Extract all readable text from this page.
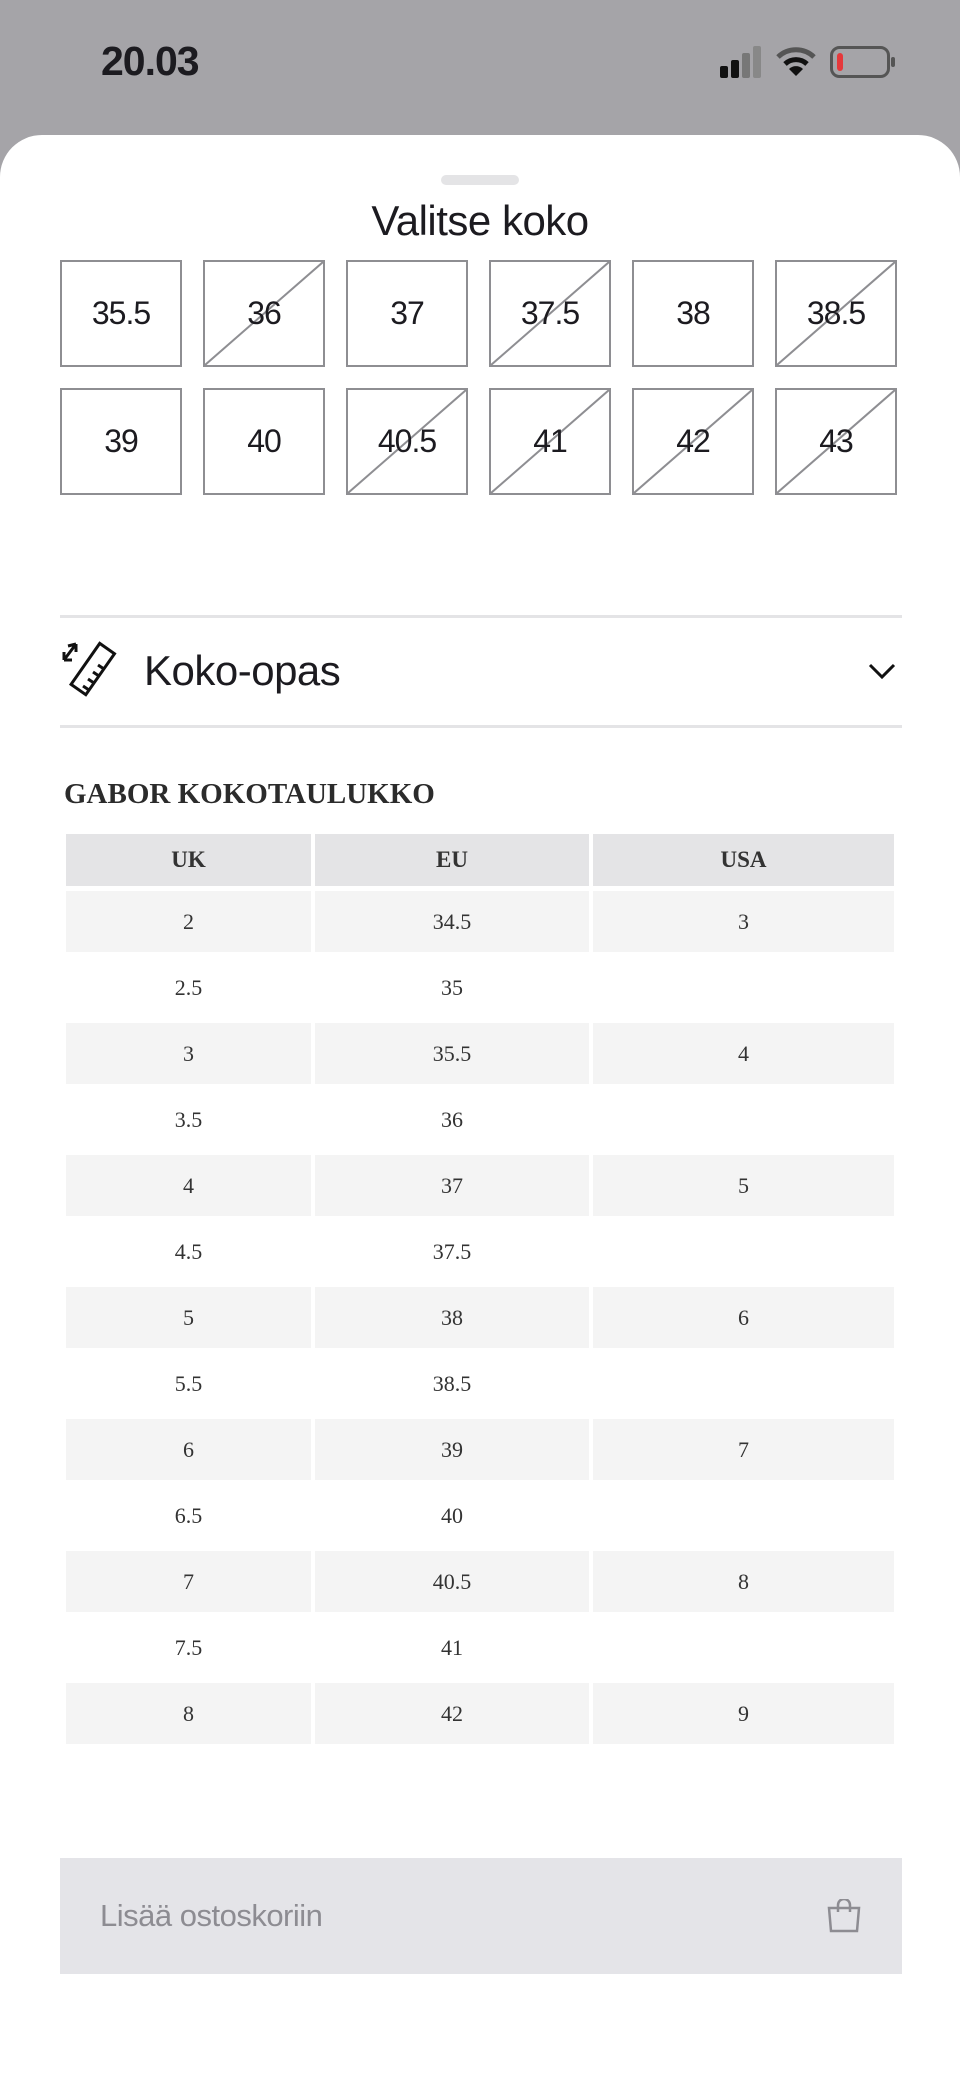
20.03
Valitse koko
35.5	36	37	37.5	38	38.5
39	40	40.5	41	42	43
Koko-opas
GABOR KOKOTAULUKKO
UK	EU	USA
2	34.5	3
2.5	35	
3	35.5	4
3.5	36	
4	37	5
4.5	37.5	
5	38	6
5.5	38.5	
6	39	7
6.5	40	
7	40.5	8
7.5	41	
8	42	9
Lisää ostoskoriin
